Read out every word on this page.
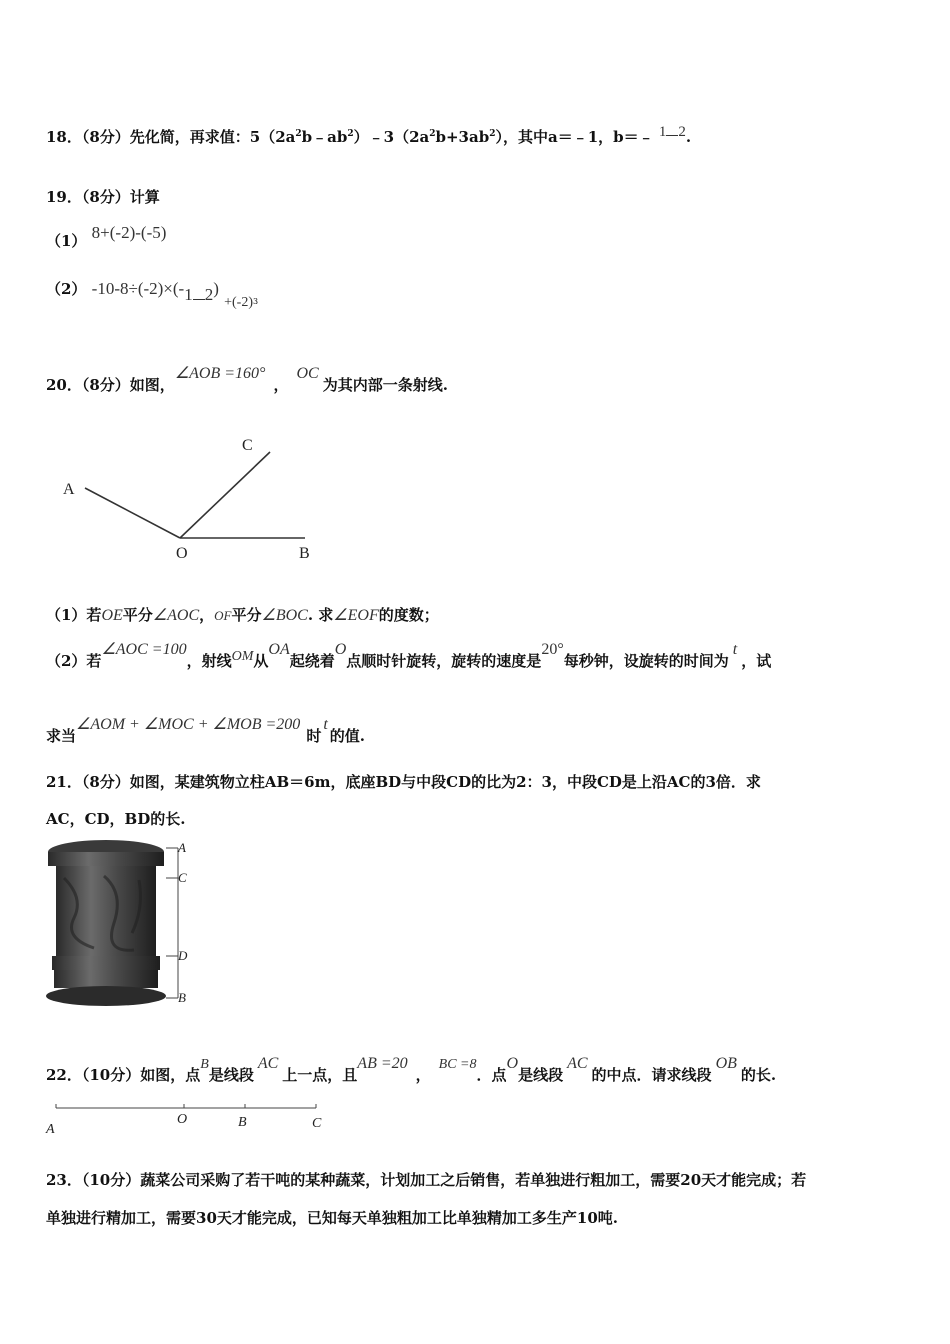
18．（8分）先化简，再求值：$5(2a^2b﹣ab^2)﹣3(2a^2b+3ab^2)$，其中a＝﹣1，b＝﹣ 1 2.
19．（8分）计算
（1） 8+(-2)-(-5)
（2） -10-8÷(-2)×(-1 2) +(-2)3
20．（8分）如图，∠AOB =160°，OC为其内部一条射线.
A
C
O	B
（1）若OE平分∠AOC，OF平分∠BOC. 求∠EOF的度数；
（2）若∠AOC =100，射线OM从OA起绕着O点顺时针旋转，旋转的速度是20°每秒钟，设旋转的时间为t，试
求当∠AOM + ∠MOC + ∠MOB =200时t的值.
21．（8分）如图，某建筑物立柱AB＝6m，底座BD与中段CD的比为2：3，中段CD是上沿AC的3倍．求
AC，CD，BD的长.
A
C
D
B
22．（10分）如图，点B是线段AC上一点，且AB =20，BC =8．点O是线段AC的中点．请求线段OB的长.
A
O	B	C
23．（10分）蔬菜公司采购了若干吨的某种蔬菜，计划加工之后销售，若单独进行粗加工，需要20天才能完成；若
单独进行精加工，需要30天才能完成，已知每天单独粗加工比单独精加工多生产10吨.
